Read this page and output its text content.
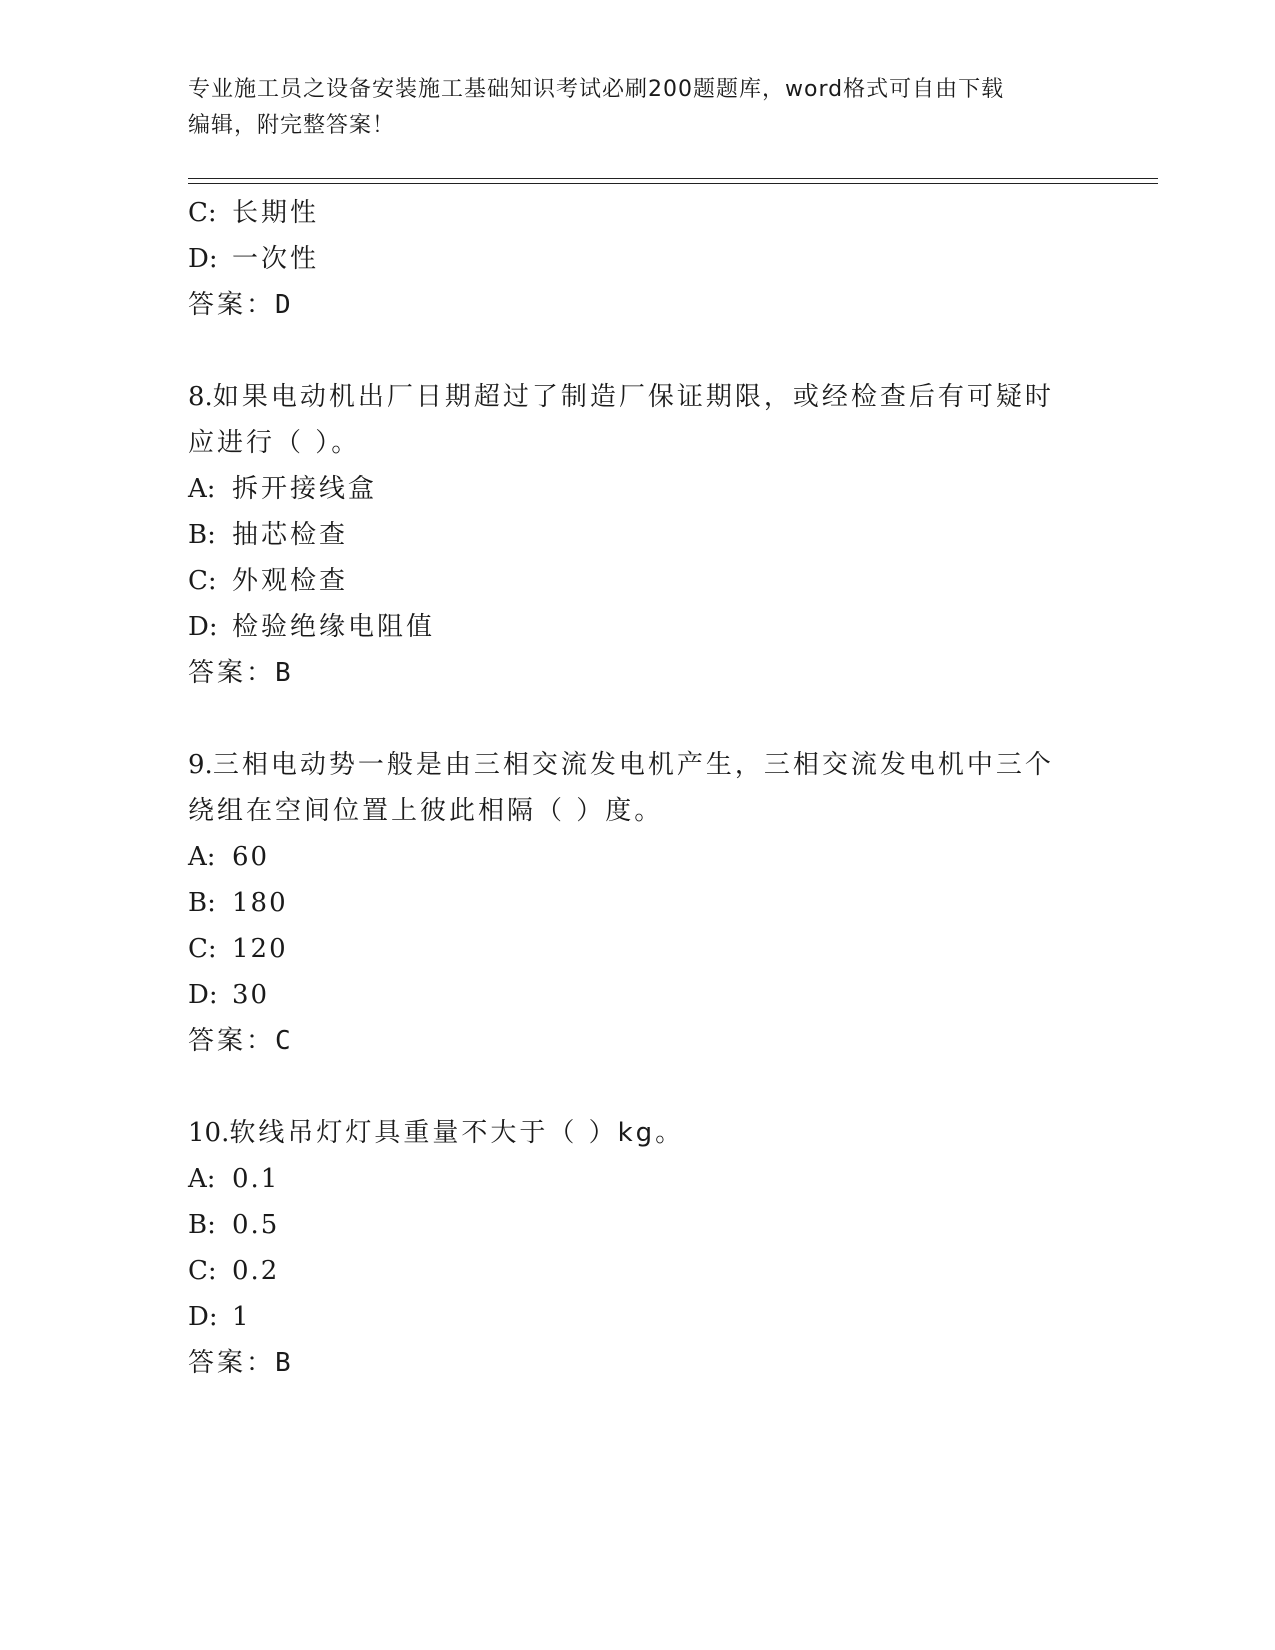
专业施工员之设备安装施工基础知识考试必刷200题题库，word格式可自由下载
编辑，附完整答案！
C: 长期性
D: 一次性
答案：D
8.如果电动机出厂日期超过了制造厂保证期限，或经检查后有可疑时
应进行（ ）。
A: 拆开接线盒
B: 抽芯检查
C: 外观检查
D: 检验绝缘电阻值
答案：B
9.三相电动势一般是由三相交流发电机产生，三相交流发电机中三个
绕组在空间位置上彼此相隔（ ）度。
A: 60
B: 180
C: 120
D: 30
答案：C
10.软线吊灯灯具重量不大于（ ）kg。
A: 0.1
B: 0.5
C: 0.2
D: 1
答案：B
